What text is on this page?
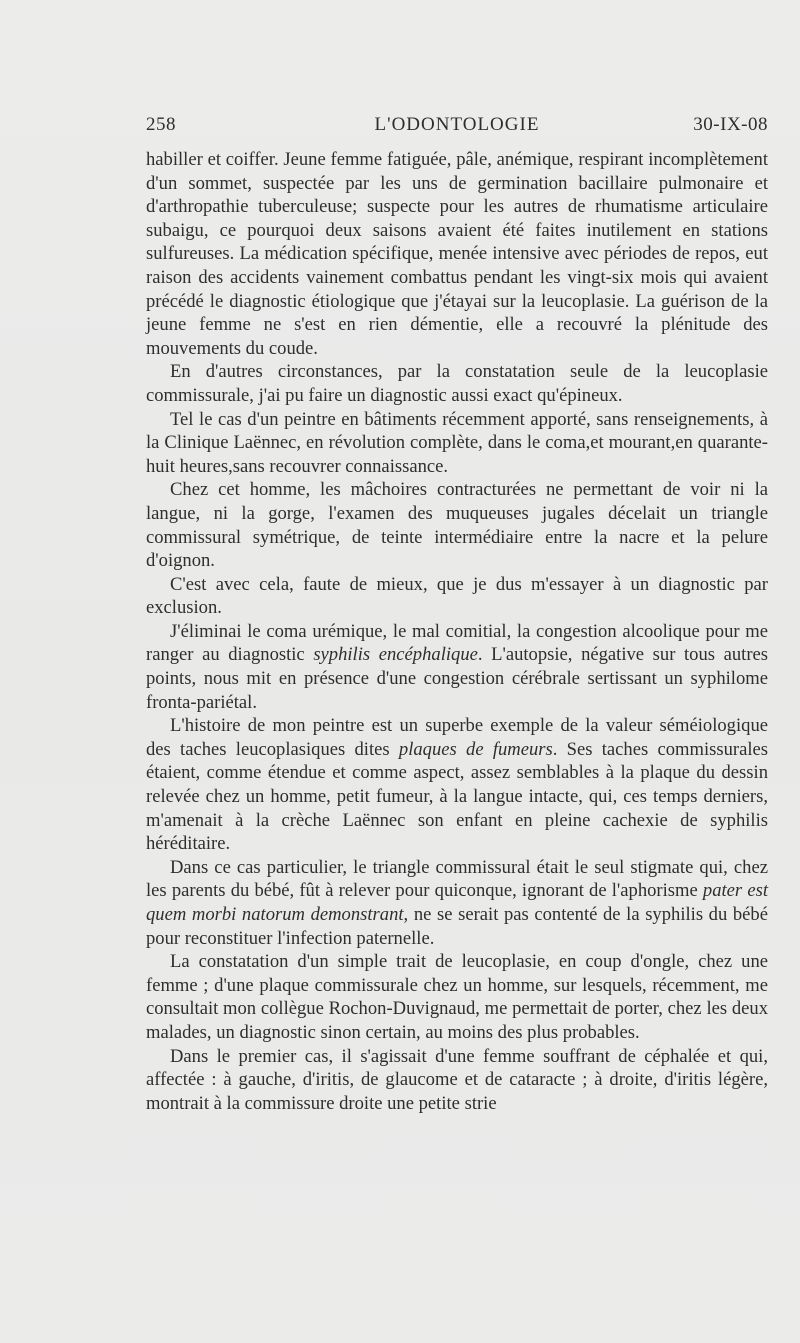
258	L'ODONTOLOGIE	30-IX-08

habiller et coiffer. Jeune femme fatiguée, pâle, anémique, respirant incomplètement d'un sommet, suspectée par les uns de germination bacillaire pulmonaire et d'arthropathie tuberculeuse; suspecte pour les autres de rhumatisme articulaire subaigu, ce pourquoi deux saisons avaient été faites inutilement en stations sulfureuses. La médication spécifique, menée intensive avec périodes de repos, eut raison des accidents vainement combattus pendant les vingt-six mois qui avaient précédé le diagnostic étiologique que j'étayai sur la leucoplasie. La guérison de la jeune femme ne s'est en rien démentie, elle a recouvré la plénitude des mouvements du coude.

En d'autres circonstances, par la constatation seule de la leucoplasie commissurale, j'ai pu faire un diagnostic aussi exact qu'épineux.

Tel le cas d'un peintre en bâtiments récemment apporté, sans renseignements, à la Clinique Laënnec, en révolution complète, dans le coma,et mourant,en quarante-huit heures,sans recouvrer connaissance.

Chez cet homme, les mâchoires contracturées ne permettant de voir ni la langue, ni la gorge, l'examen des muqueuses jugales décelait un triangle commissural symétrique, de teinte intermédiaire entre la nacre et la pelure d'oignon.

C'est avec cela, faute de mieux, que je dus m'essayer à un diagnostic par exclusion.

J'éliminai le coma urémique, le mal comitial, la congestion alcoolique pour me ranger au diagnostic syphilis encéphalique. L'autopsie, négative sur tous autres points, nous mit en présence d'une congestion cérébrale sertissant un syphilome fronta-pariétal.

L'histoire de mon peintre est un superbe exemple de la valeur séméiologique des taches leucoplasiques dites plaques de fumeurs. Ses taches commissurales étaient, comme étendue et comme aspect, assez semblables à la plaque du dessin relevée chez un homme, petit fumeur, à la langue intacte, qui, ces temps derniers, m'amenait à la crèche Laënnec son enfant en pleine cachexie de syphilis héréditaire.

Dans ce cas particulier, le triangle commissural était le seul stigmate qui, chez les parents du bébé, fût à relever pour quiconque, ignorant de l'aphorisme pater est quem morbi natorum demonstrant, ne se serait pas contenté de la syphilis du bébé pour reconstituer l'infection paternelle.

La constatation d'un simple trait de leucoplasie, en coup d'ongle, chez une femme ; d'une plaque commissurale chez un homme, sur lesquels, récemment, me consultait mon collègue Rochon-Duvignaud, me permettait de porter, chez les deux malades, un diagnostic sinon certain, au moins des plus probables.

Dans le premier cas, il s'agissait d'une femme souffrant de céphalée et qui, affectée : à gauche, d'iritis, de glaucome et de cataracte ; à droite, d'iritis légère, montrait à la commissure droite une petite strie
